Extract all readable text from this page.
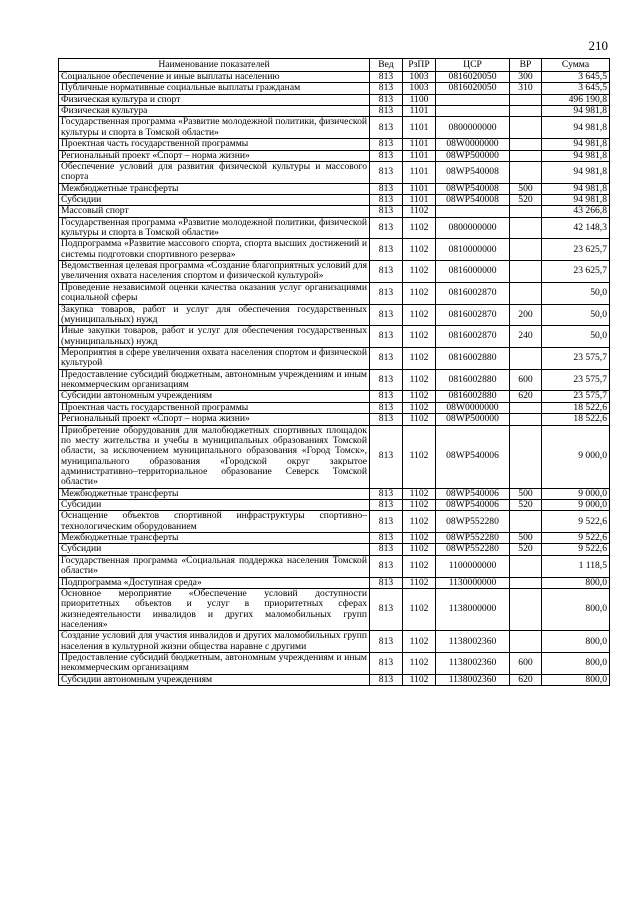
210
Наименование показателей	Вед	РзПР	ЦСР	ВР	Сумма
Социальное обеспечение и иные выплаты населению	813	1003	0816020050	300	3 645,5
Публичные нормативные социальные выплаты гражданам	813	1003	0816020050	310	3 645,5
Физическая культура и спорт	813	1100			496 190,8
Физическая культура	813	1101			94 981,8
Государственная программа «Развитие молодежной политики, физической культуры и спорта в Томской области»	813	1101	0800000000		94 981,8
Проектная часть государственной программы	813	1101	08W0000000		94 981,8
Региональный проект «Спорт – норма жизни»	813	1101	08WP500000		94 981,8
Обеспечение условий для развития физической культуры и массового спорта	813	1101	08WP540008		94 981,8
Межбюджетные трансферты	813	1101	08WP540008	500	94 981,8
Субсидии	813	1101	08WP540008	520	94 981,8
Массовый спорт	813	1102			43 266,8
Государственная программа «Развитие молодежной политики, физической культуры и спорта в Томской области»	813	1102	0800000000		42 148,3
Подпрограмма «Развитие массового спорта, спорта высших достижений и системы подготовки спортивного резерва»	813	1102	0810000000		23 625,7
Ведомственная целевая программа «Создание благоприятных условий для увеличения охвата населения спортом и физической культурой»	813	1102	0816000000		23 625,7
Проведение независимой оценки качества оказания услуг организациями социальной сферы	813	1102	0816002870		50,0
Закупка товаров, работ и услуг для обеспечения государственных (муниципальных) нужд	813	1102	0816002870	200	50,0
Иные закупки товаров, работ и услуг для обеспечения государственных (муниципальных) нужд	813	1102	0816002870	240	50,0
Мероприятия в сфере увеличения охвата населения спортом и физической культурой	813	1102	0816002880		23 575,7
Предоставление субсидий бюджетным, автономным учреждениям и иным некоммерческим организациям	813	1102	0816002880	600	23 575,7
Субсидии автономным учреждениям	813	1102	0816002880	620	23 575,7
Проектная часть государственной программы	813	1102	08W0000000		18 522,6
Региональный проект «Спорт – норма жизни»	813	1102	08WP500000		18 522,6
Приобретение оборудования для малобюджетных спортивных площадок по месту жительства и учебы в муниципальных образованиях Томской области, за исключением муниципального образования «Город Томск», муниципального образования «Городской округ закрытое административно–территориальное образование Северск Томской области»	813	1102	08WP540006		9 000,0
Межбюджетные трансферты	813	1102	08WP540006	500	9 000,0
Субсидии	813	1102	08WP540006	520	9 000,0
Оснащение объектов спортивной инфраструктуры спортивно–технологическим оборудованием	813	1102	08WP552280		9 522,6
Межбюджетные трансферты	813	1102	08WP552280	500	9 522,6
Субсидии	813	1102	08WP552280	520	9 522,6
Государственная программа «Социальная поддержка населения Томской области»	813	1102	1100000000		1 118,5
Подпрограмма «Доступная среда»	813	1102	1130000000		800,0
Основное мероприятие «Обеспечение условий доступности приоритетных объектов и услуг в приоритетных сферах жизнедеятельности инвалидов и других маломобильных групп населения»	813	1102	1138000000		800,0
Создание условий для участия инвалидов и других маломобильных групп населения в культурной жизни общества наравне с другими	813	1102	1138002360		800,0
Предоставление субсидий бюджетным, автономным учреждениям и иным некоммерческим организациям	813	1102	1138002360	600	800,0
Субсидии автономным учреждениям	813	1102	1138002360	620	800,0
